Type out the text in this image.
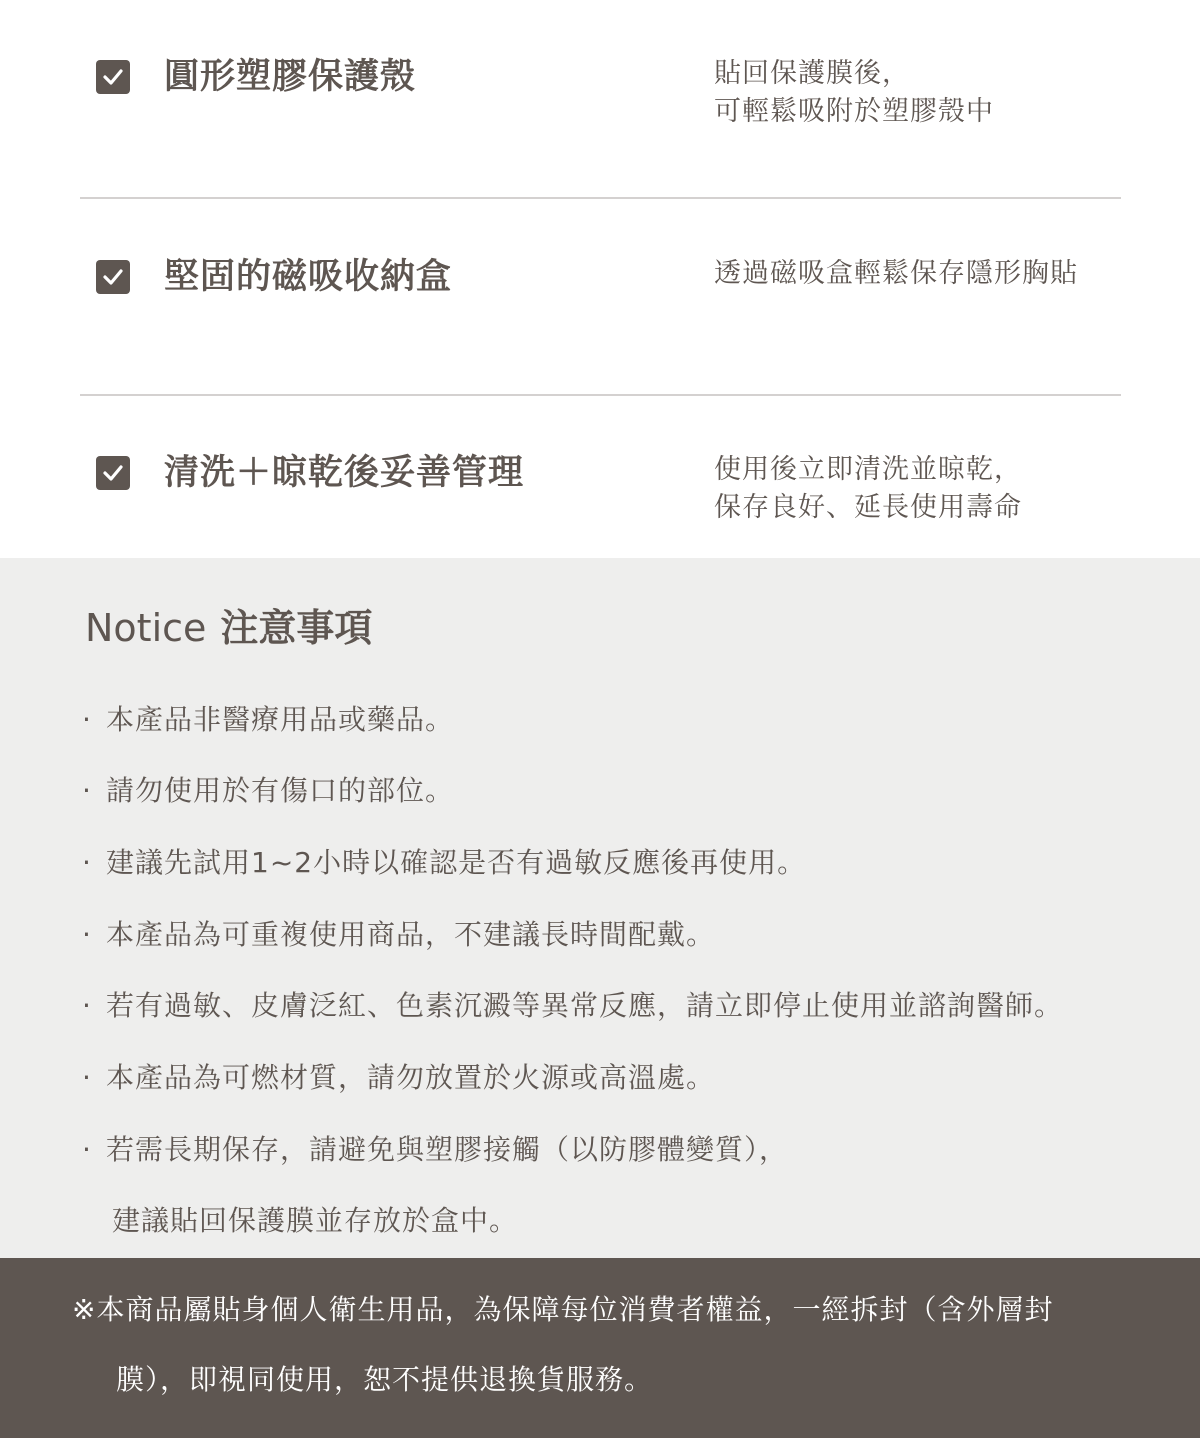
圓形塑膠保護殼	貼回保護膜後，
可輕鬆吸附於塑膠殼中
堅固的磁吸收納盒	透過磁吸盒輕鬆保存隱形胸貼
清洗＋晾乾後妥善管理	使用後立即清洗並晾乾，
保存良好、延長使用壽命
Notice 注意事項
· 本產品非醫療用品或藥品。
· 請勿使用於有傷口的部位。
· 建議先試用1~2小時以確認是否有過敏反應後再使用。
· 本產品為可重複使用商品，不建議長時間配戴。
· 若有過敏、皮膚泛紅、色素沉澱等異常反應，請立即停止使用並諮詢醫師。
· 本產品為可燃材質，請勿放置於火源或高溫處。
· 若需長期保存，請避免與塑膠接觸（以防膠體變質），
建議貼回保護膜並存放於盒中。
※本商品屬貼身個人衛生用品，為保障每位消費者權益，一經拆封（含外層封
膜），即視同使用，恕不提供退換貨服務。
